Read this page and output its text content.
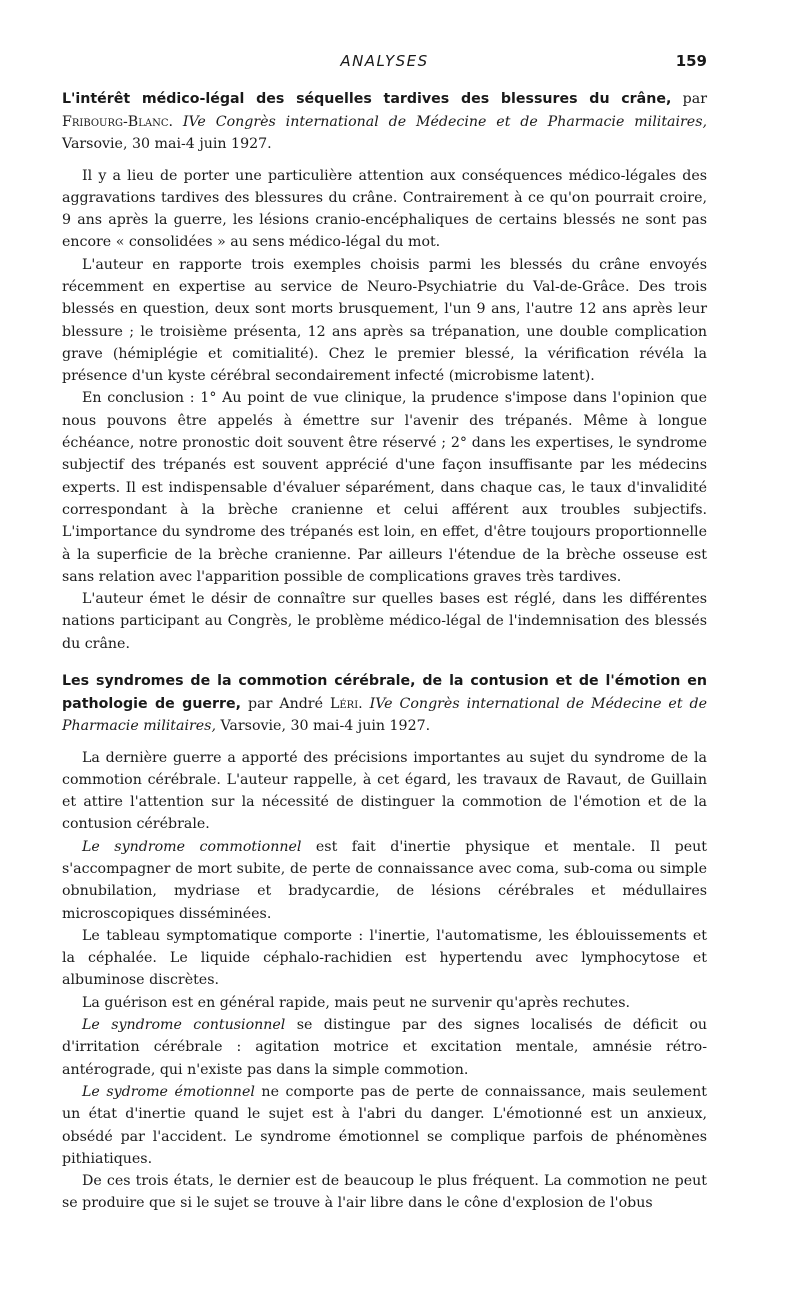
ANALYSES	159

L'intérêt médico-légal des séquelles tardives des blessures du crâne, par Fribourg-Blanc. IVe Congrès international de Médecine et de Pharmacie militaires, Varsovie, 30 mai-4 juin 1927.

Il y a lieu de porter une particulière attention aux conséquences médico-légales des aggravations tardives des blessures du crâne. Contrairement à ce qu'on pourrait croire, 9 ans après la guerre, les lésions cranio-encéphaliques de certains blessés ne sont pas encore « consolidées » au sens médico-légal du mot.

L'auteur en rapporte trois exemples choisis parmi les blessés du crâne envoyés récemment en expertise au service de Neuro-Psychiatrie du Val-de-Grâce. Des trois blessés en question, deux sont morts brusquement, l'un 9 ans, l'autre 12 ans après leur blessure ; le troisième présenta, 12 ans après sa trépanation, une double complication grave (hémiplégie et comitialité). Chez le premier blessé, la vérification révéla la présence d'un kyste cérébral secondairement infecté (microbisme latent).

En conclusion : 1° Au point de vue clinique, la prudence s'impose dans l'opinion que nous pouvons être appelés à émettre sur l'avenir des trépanés. Même à longue échéance, notre pronostic doit souvent être réservé ; 2° dans les expertises, le syndrome subjectif des trépanés est souvent apprécié d'une façon insuffisante par les médecins experts. Il est indispensable d'évaluer séparément, dans chaque cas, le taux d'invalidité correspondant à la brèche cranienne et celui afférent aux troubles subjectifs. L'importance du syndrome des trépanés est loin, en effet, d'être toujours proportionnelle à la superficie de la brèche cranienne. Par ailleurs l'étendue de la brèche osseuse est sans relation avec l'apparition possible de complications graves très tardives.

L'auteur émet le désir de connaître sur quelles bases est réglé, dans les différentes nations participant au Congrès, le problème médico-légal de l'indemnisation des blessés du crâne.

Les syndromes de la commotion cérébrale, de la contusion et de l'émotion en pathologie de guerre, par André Léri. IVe Congrès international de Médecine et de Pharmacie militaires, Varsovie, 30 mai-4 juin 1927.

La dernière guerre a apporté des précisions importantes au sujet du syndrome de la commotion cérébrale. L'auteur rappelle, à cet égard, les travaux de Ravaut, de Guillain et attire l'attention sur la nécessité de distinguer la commotion de l'émotion et de la contusion cérébrale.

Le syndrome commotionnel est fait d'inertie physique et mentale. Il peut s'accompagner de mort subite, de perte de connaissance avec coma, sub-coma ou simple obnubilation, mydriase et bradycardie, de lésions cérébrales et médullaires microscopiques disséminées.

Le tableau symptomatique comporte : l'inertie, l'automatisme, les éblouissements et la céphalée. Le liquide céphalo-rachidien est hypertendu avec lymphocytose et albuminose discrètes.

La guérison est en général rapide, mais peut ne survenir qu'après rechutes.

Le syndrome contusionnel se distingue par des signes localisés de déficit ou d'irritation cérébrale : agitation motrice et excitation mentale, amnésie rétro-antérograde, qui n'existe pas dans la simple commotion.

Le sydrome émotionnel ne comporte pas de perte de connaissance, mais seulement un état d'inertie quand le sujet est à l'abri du danger. L'émotionné est un anxieux, obsédé par l'accident. Le syndrome émotionnel se complique parfois de phénomènes pithiatiques.

De ces trois états, le dernier est de beaucoup le plus fréquent. La commotion ne peut se produire que si le sujet se trouve à l'air libre dans le cône d'explosion de l'obus
